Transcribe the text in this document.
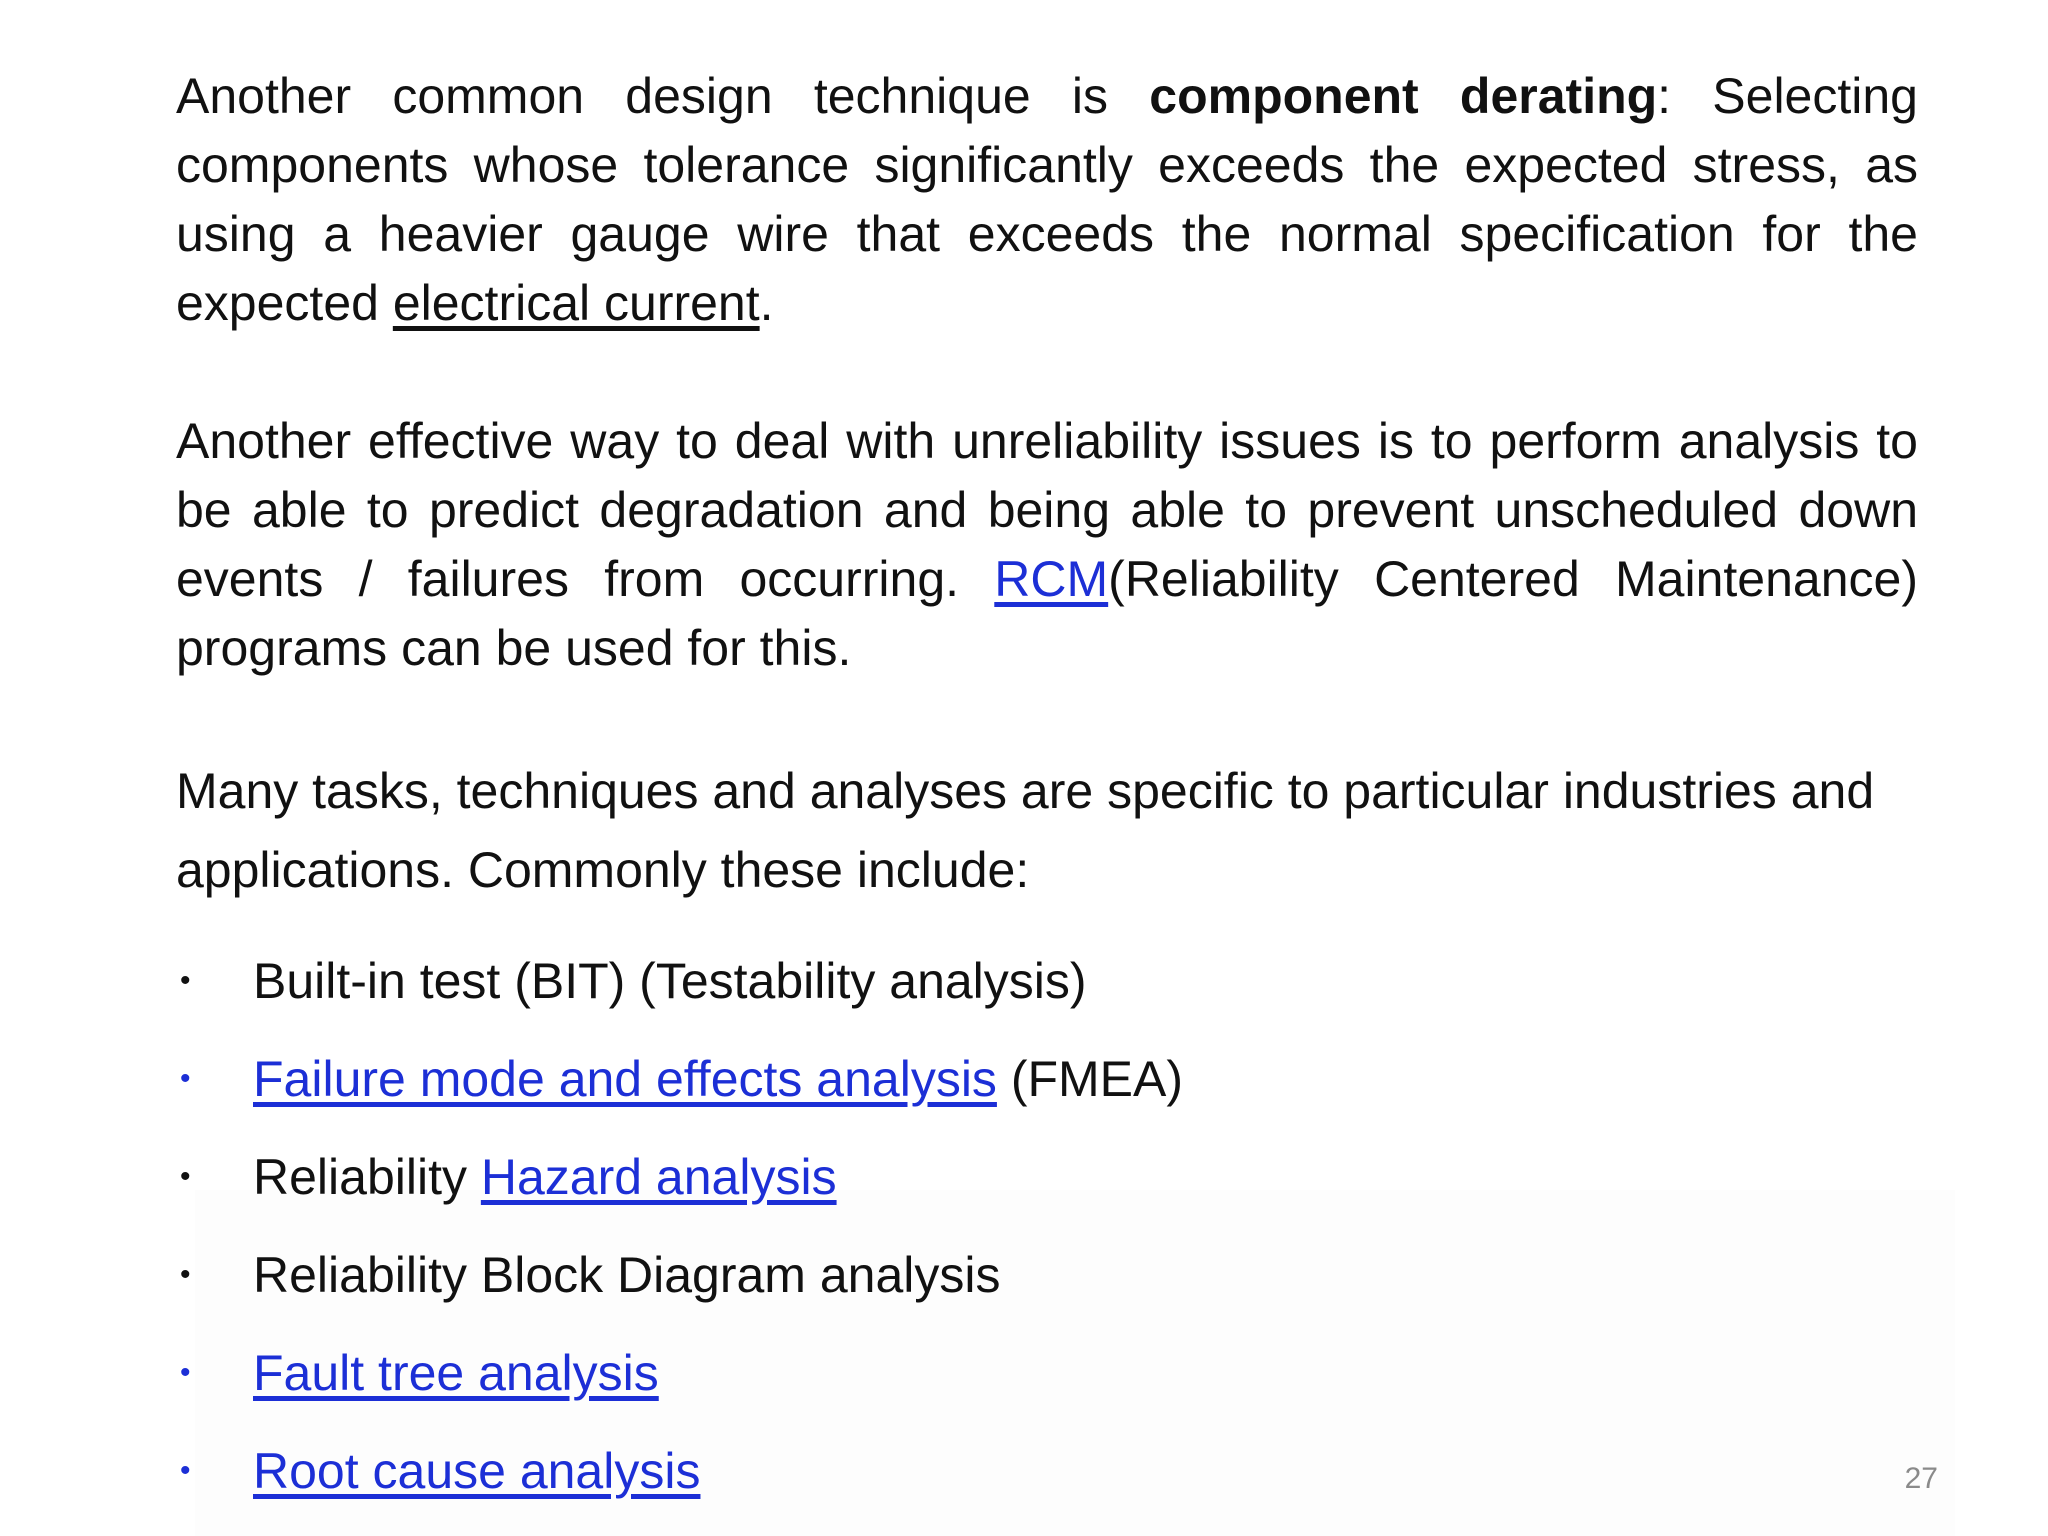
Another common design technique is component derating: Selecting components whose tolerance significantly exceeds the expected stress, as using a heavier gauge wire that exceeds the normal specification for the expected electrical current.

Another effective way to deal with unreliability issues is to perform analysis to be able to predict degradation and being able to prevent unscheduled down events / failures from occurring. RCM(Reliability Centered Maintenance) programs can be used for this.

Many tasks, techniques and analyses are specific to particular industries and applications. Commonly these include:

• Built-in test (BIT) (Testability analysis)
• Failure mode and effects analysis (FMEA)
• Reliability Hazard analysis
• Reliability Block Diagram analysis
• Fault tree analysis
• Root cause analysis	27
